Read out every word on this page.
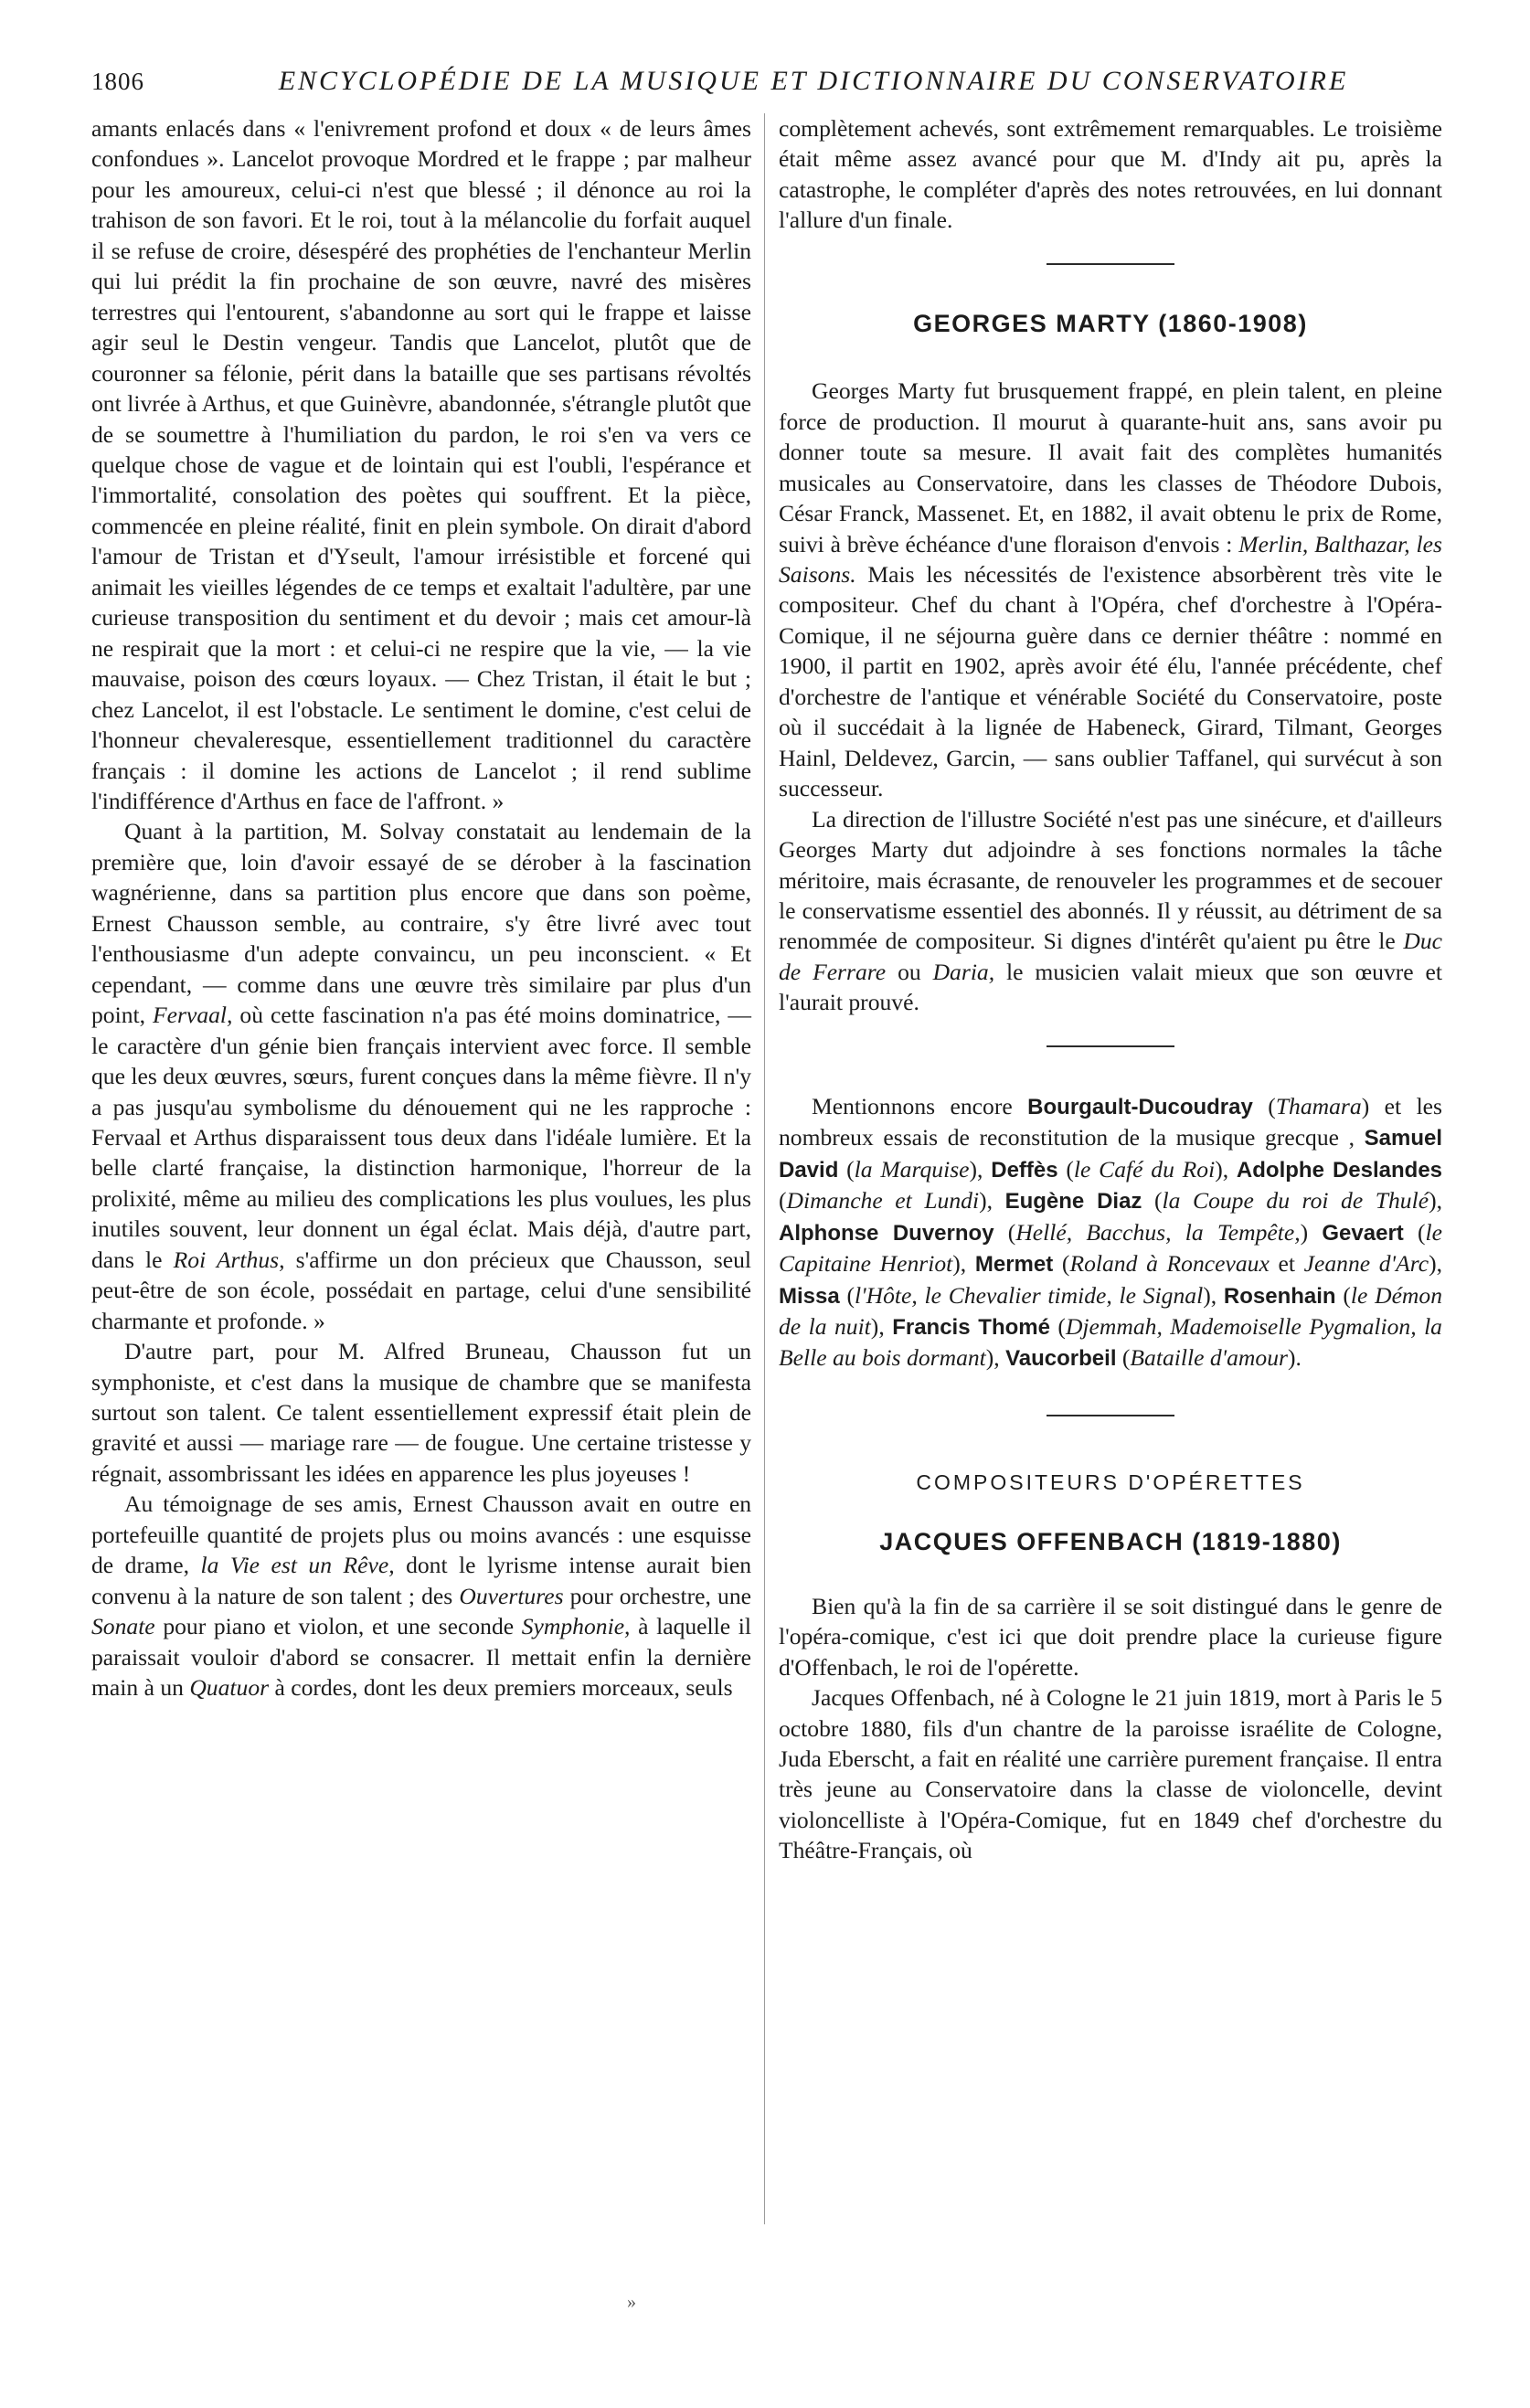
1806	ENCYCLOPÉDIE DE LA MUSIQUE ET DICTIONNAIRE DU CONSERVATOIRE

amants enlacés dans « l'enivrement profond et doux « de leurs âmes confondues ». Lancelot provoque Mordred et le frappe ; par malheur pour les amoureux, celui-ci n'est que blessé ; il dénonce au roi la trahison de son favori. Et le roi, tout à la mélancolie du forfait auquel il se refuse de croire, désespéré des prophéties de l'enchanteur Merlin qui lui prédit la fin prochaine de son œuvre, navré des misères terrestres qui l'entourent, s'abandonne au sort qui le frappe et laisse agir seul le Destin vengeur. Tandis que Lancelot, plutôt que de couronner sa félonie, périt dans la bataille que ses partisans révoltés ont livrée à Arthus, et que Guinèvre, abandonnée, s'étrangle plutôt que de se soumettre à l'humiliation du pardon, le roi s'en va vers ce quelque chose de vague et de lointain qui est l'oubli, l'espérance et l'immortalité, consolation des poètes qui souffrent. Et la pièce, commencée en pleine réalité, finit en plein symbole. On dirait d'abord l'amour de Tristan et d'Yseult, l'amour irrésistible et forcené qui animait les vieilles légendes de ce temps et exaltait l'adultère, par une curieuse transposition du sentiment et du devoir ; mais cet amour-là ne respirait que la mort : et celui-ci ne respire que la vie, — la vie mauvaise, poison des cœurs loyaux. — Chez Tristan, il était le but ; chez Lancelot, il est l'obstacle. Le sentiment le domine, c'est celui de l'honneur chevaleresque, essentiellement traditionnel du caractère français : il domine les actions de Lancelot ; il rend sublime l'indifférence d'Arthus en face de l'affront. »

Quant à la partition, M. Solvay constatait au lendemain de la première que, loin d'avoir essayé de se dérober à la fascination wagnérienne, dans sa partition plus encore que dans son poème, Ernest Chausson semble, au contraire, s'y être livré avec tout l'enthousiasme d'un adepte convaincu, un peu inconscient. « Et cependant, — comme dans une œuvre très similaire par plus d'un point, Fervaal, où cette fascination n'a pas été moins dominatrice, — le caractère d'un génie bien français intervient avec force. Il semble que les deux œuvres, sœurs, furent conçues dans la même fièvre. Il n'y a pas jusqu'au symbolisme du dénouement qui ne les rapproche : Fervaal et Arthus disparaissent tous deux dans l'idéale lumière. Et la belle clarté française, la distinction harmonique, l'horreur de la prolixité, même au milieu des complications les plus voulues, les plus inutiles souvent, leur donnent un égal éclat. Mais déjà, d'autre part, dans le Roi Arthus, s'affirme un don précieux que Chausson, seul peut-être de son école, possédait en partage, celui d'une sensibilité charmante et profonde. »

D'autre part, pour M. Alfred Bruneau, Chausson fut un symphoniste, et c'est dans la musique de chambre que se manifesta surtout son talent. Ce talent essentiellement expressif était plein de gravité et aussi — mariage rare — de fougue. Une certaine tristesse y régnait, assombrissant les idées en apparence les plus joyeuses !

Au témoignage de ses amis, Ernest Chausson avait en outre en portefeuille quantité de projets plus ou moins avancés : une esquisse de drame, la Vie est un Rêve, dont le lyrisme intense aurait bien convenu à la nature de son talent ; des Ouvertures pour orchestre, une Sonate pour piano et violon, et une seconde Symphonie, à laquelle il paraissait vouloir d'abord se consacrer. Il mettait enfin la dernière main à un Quatuor à cordes, dont les deux premiers morceaux, seuls

complètement achevés, sont extrêmement remarquables. Le troisième était même assez avancé pour que M. d'Indy ait pu, après la catastrophe, le compléter d'après des notes retrouvées, en lui donnant l'allure d'un finale.

GEORGES MARTY (1860-1908)

Georges Marty fut brusquement frappé, en plein talent, en pleine force de production. Il mourut à quarante-huit ans, sans avoir pu donner toute sa mesure. Il avait fait des complètes humanités musicales au Conservatoire, dans les classes de Théodore Dubois, César Franck, Massenet. Et, en 1882, il avait obtenu le prix de Rome, suivi à brève échéance d'une floraison d'envois : Merlin, Balthazar, les Saisons. Mais les nécessités de l'existence absorbèrent très vite le compositeur. Chef du chant à l'Opéra, chef d'orchestre à l'Opéra-Comique, il ne séjourna guère dans ce dernier théâtre : nommé en 1900, il partit en 1902, après avoir été élu, l'année précédente, chef d'orchestre de l'antique et vénérable Société du Conservatoire, poste où il succédait à la lignée de Habeneck, Girard, Tilmant, Georges Hainl, Deldevez, Garcin, — sans oublier Taffanel, qui survécut à son successeur.

La direction de l'illustre Société n'est pas une sinécure, et d'ailleurs Georges Marty dut adjoindre à ses fonctions normales la tâche méritoire, mais écrasante, de renouveler les programmes et de secouer le conservatisme essentiel des abonnés. Il y réussit, au détriment de sa renommée de compositeur. Si dignes d'intérêt qu'aient pu être le Duc de Ferrare ou Daria, le musicien valait mieux que son œuvre et l'aurait prouvé.

Mentionnons encore Bourgault-Ducoudray (Thamara) et les nombreux essais de reconstitution de la musique grecque , Samuel David (la Marquise), Deffès (le Café du Roi), Adolphe Deslandes (Dimanche et Lundi), Eugène Diaz (la Coupe du roi de Thulé), Alphonse Duvernoy (Hellé, Bacchus, la Tempête,) Gevaert (le Capitaine Henriot), Mermet (Roland à Roncevaux et Jeanne d'Arc), Missa (l'Hôte, le Chevalier timide, le Signal), Rosenhain (le Démon de la nuit), Francis Thomé (Djemmah, Mademoiselle Pygmalion, la Belle au bois dormant), Vaucorbeil (Bataille d'amour).

COMPOSITEURS D'OPÉRETTES
JACQUES OFFENBACH (1819-1880)

Bien qu'à la fin de sa carrière il se soit distingué dans le genre de l'opéra-comique, c'est ici que doit prendre place la curieuse figure d'Offenbach, le roi de l'opérette.

Jacques Offenbach, né à Cologne le 21 juin 1819, mort à Paris le 5 octobre 1880, fils d'un chantre de la paroisse israélite de Cologne, Juda Eberscht, a fait en réalité une carrière purement française. Il entra très jeune au Conservatoire dans la classe de violoncelle, devint violoncelliste à l'Opéra-Comique, fut en 1849 chef d'orchestre du Théâtre-Français, où

»
